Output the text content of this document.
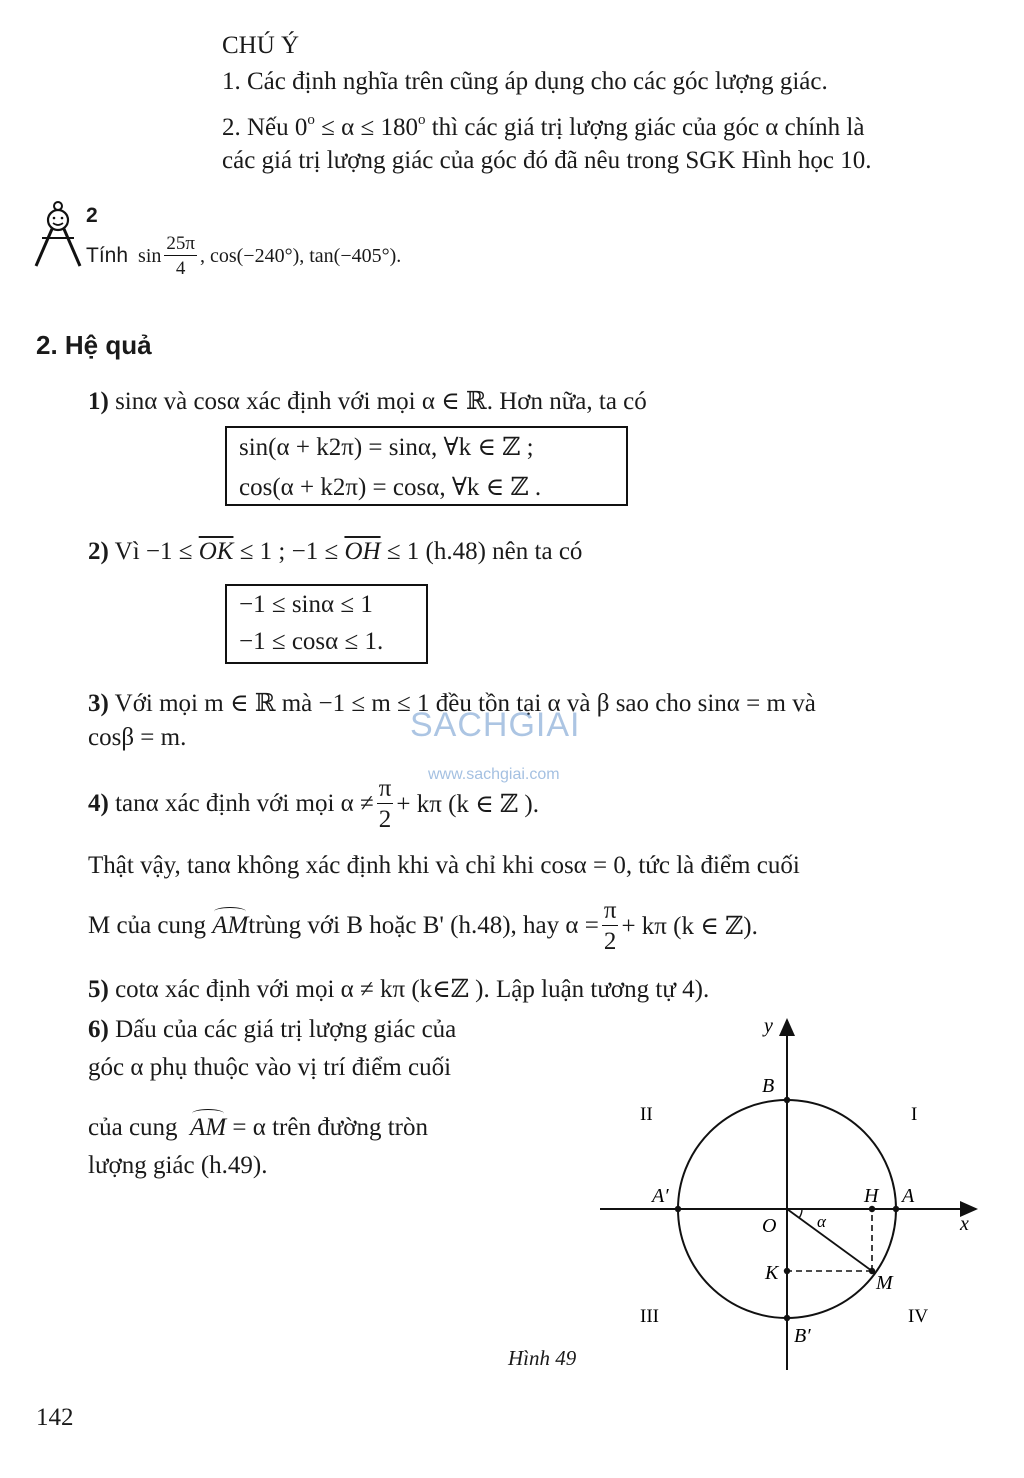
CHÚ Ý
1. Các định nghĩa trên cũng áp dụng cho các góc lượng giác.
2. Nếu $0^o \le \alpha \le 180^o$ thì các giá trị lượng giác của góc α chính là
các giá trị lượng giác của góc đó đã nêu trong SGK Hình học 10.
2
Tính $\sin \frac{25\pi}{4}$ , cos(−240°), tan(−405°).
2. Hệ quả
1) sinα và cosα xác định với mọi α ∈ ℝ. Hơn nữa, ta có
sin(α + k2π) = sinα, ∀k ∈ ℤ ;
cos(α + k2π) = cosα, ∀k ∈ ℤ .
2) Vì $-1 \le \overline{OK} \le 1$ ; $-1 \le \overline{OH} \le 1$ (h.48) nên ta có
−1 ≤ sinα ≤ 1
−1 ≤ cosα ≤ 1.
3) Với mọi m ∈ ℝ mà −1 ≤ m ≤ 1 đều tồn tại α và β sao cho sinα = m và
cosβ = m.	SACHGIAI
www.sachgiai.com
4)
tanα xác định với mọi $\alpha \ne \frac{\pi}{2} + k\pi$ (k ∈ ℤ ).
Thật vậy, tanα không xác định khi và chỉ khi cosα = 0, tức là điểm cuối
M của cung
AM trùng với B hoặc B' (h.48), hay $\alpha = \frac{\pi}{2} + k\pi$ (k ∈ ℤ).
5) cotα xác định với mọi α ≠ kπ (k∈ℤ ). Lập luận tương tự 4).
6) Dấu của các giá trị lượng giác của
góc α phụ thuộc vào vị trí điểm cuối
của cung AM = α trên đường tròn
lượng giác (h.49).
y
x
B
B′
A
A′
O
H
K	M
α
I
II
III	IV
Hình 49
142
